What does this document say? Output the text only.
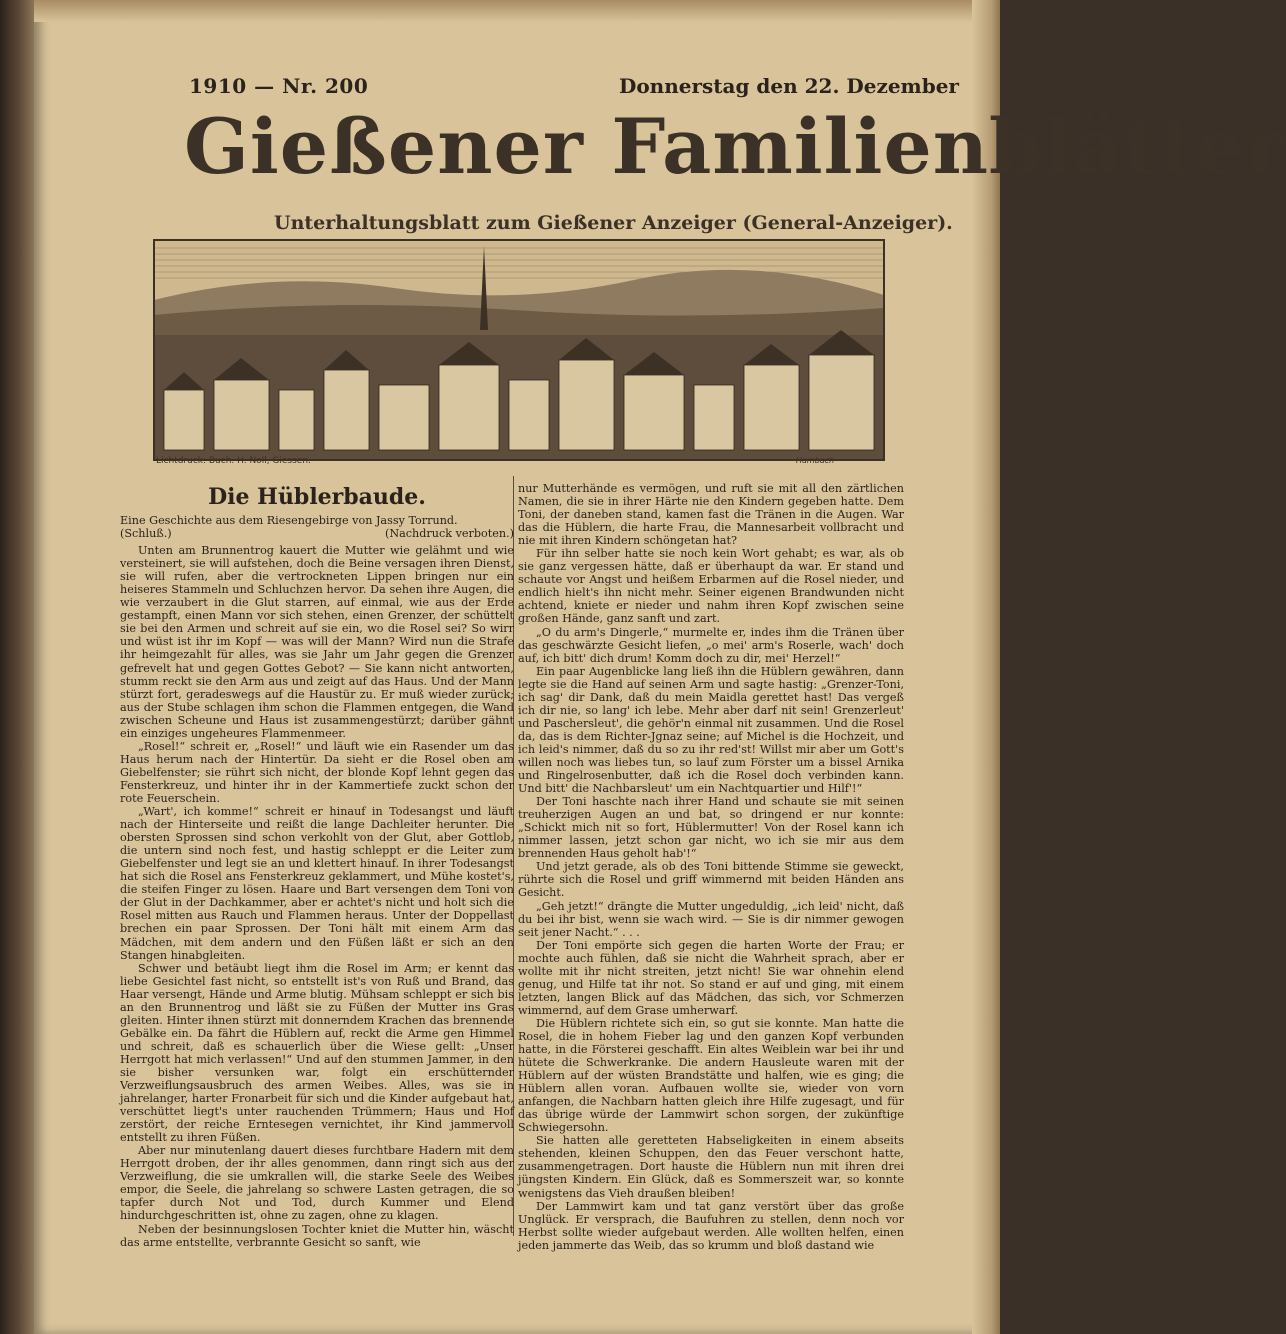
1910 — Nr. 200	Donnerstag den 22. Dezember
Gießener Familienblätter
Unterhaltungsblatt zum Gießener Anzeiger (General-Anzeiger).
Lichtdruck: Buch. H. Noll, Giessen.	Hambach
Die Hüblerbaude.

Eine Geschichte aus dem Riesengebirge von Jassy Torrund.

(Schluß.)	(Nachdruck verboten.)

Unten am Brunnentrog kauert die Mutter wie gelähmt und wie versteinert, sie will aufstehen, doch die Beine versagen ihren Dienst, sie will rufen, aber die vertrockneten Lippen bringen nur ein heiseres Stammeln und Schluchzen hervor. Da sehen ihre Augen, die wie verzaubert in die Glut starren, auf einmal, wie aus der Erde gestampft, einen Mann vor sich stehen, einen Grenzer, der schüttelt sie bei den Armen und schreit auf sie ein, wo die Rosel sei? So wirr und wüst ist ihr im Kopf — was will der Mann? Wird nun die Strafe ihr heimgezahlt für alles, was sie Jahr um Jahr gegen die Grenzer gefrevelt hat und gegen Gottes Gebot? — Sie kann nicht antworten, stumm reckt sie den Arm aus und zeigt auf das Haus. Und der Mann stürzt fort, geradeswegs auf die Haustür zu. Er muß wieder zurück; aus der Stube schlagen ihm schon die Flammen entgegen, die Wand zwischen Scheune und Haus ist zusammengestürzt; darüber gähnt ein einziges ungeheures Flammenmeer.

„Rosel!“ schreit er, „Rosel!“ und läuft wie ein Rasender um das Haus herum nach der Hintertür. Da sieht er die Rosel oben am Giebelfenster; sie rührt sich nicht, der blonde Kopf lehnt gegen das Fensterkreuz, und hinter ihr in der Kammertiefe zuckt schon der rote Feuerschein.

„Wart', ich komme!“ schreit er hinauf in Todesangst und läuft nach der Hinterseite und reißt die lange Dachleiter herunter. Die obersten Sprossen sind schon verkohlt von der Glut, aber Gottlob, die untern sind noch fest, und hastig schleppt er die Leiter zum Giebelfenster und legt sie an und klettert hinauf. In ihrer Todesangst hat sich die Rosel ans Fensterkreuz geklammert, und Mühe kostet's, die steifen Finger zu lösen. Haare und Bart versengen dem Toni von der Glut in der Dachkammer, aber er achtet's nicht und holt sich die Rosel mitten aus Rauch und Flammen heraus. Unter der Doppellast brechen ein paar Sprossen. Der Toni hält mit einem Arm das Mädchen, mit dem andern und den Füßen läßt er sich an den Stangen hinabgleiten.

Schwer und betäubt liegt ihm die Rosel im Arm; er kennt das liebe Gesichtel fast nicht, so entstellt ist's von Ruß und Brand, das Haar versengt, Hände und Arme blutig. Mühsam schleppt er sich bis an den Brunnentrog und läßt sie zu Füßen der Mutter ins Gras gleiten. Hinter ihnen stürzt mit donnerndem Krachen das brennende Gebälke ein. Da fährt die Hüblern auf, reckt die Arme gen Himmel und schreit, daß es schauerlich über die Wiese gellt: „Unser Herrgott hat mich verlassen!“ Und auf den stummen Jammer, in den sie bisher versunken war, folgt ein erschütternder Verzweiflungsausbruch des armen Weibes. Alles, was sie in jahrelanger, harter Fronarbeit für sich und die Kinder aufgebaut hat, verschüttet liegt's unter rauchenden Trümmern; Haus und Hof zerstört, der reiche Erntesegen vernichtet, ihr Kind jammervoll entstellt zu ihren Füßen.

Aber nur minutenlang dauert dieses furchtbare Hadern mit dem Herrgott droben, der ihr alles genommen, dann ringt sich aus der Verzweiflung, die sie umkrallen will, die starke Seele des Weibes empor, die Seele, die jahrelang so schwere Lasten getragen, die so tapfer durch Not und Tod, durch Kummer und Elend hindurchgeschritten ist, ohne zu zagen, ohne zu klagen.

Neben der besinnungslosen Tochter kniet die Mutter hin, wäscht das arme entstellte, verbrannte Gesicht so sanft, wie

nur Mutterhände es vermögen, und ruft sie mit all den zärtlichen Namen, die sie in ihrer Härte nie den Kindern gegeben hatte. Dem Toni, der daneben stand, kamen fast die Tränen in die Augen. War das die Hüblern, die harte Frau, die Mannesarbeit vollbracht und nie mit ihren Kindern schöngetan hat?

Für ihn selber hatte sie noch kein Wort gehabt; es war, als ob sie ganz vergessen hätte, daß er überhaupt da war. Er stand und schaute vor Angst und heißem Erbarmen auf die Rosel nieder, und endlich hielt's ihn nicht mehr. Seiner eigenen Brandwunden nicht achtend, kniete er nieder und nahm ihren Kopf zwischen seine großen Hände, ganz sanft und zart.

„O du arm's Dingerle,“ murmelte er, indes ihm die Tränen über das geschwärzte Gesicht liefen, „o mei' arm's Roserle, wach' doch auf, ich bitt' dich drum! Komm doch zu dir, mei' Herzel!“

Ein paar Augenblicke lang ließ ihn die Hüblern gewähren, dann legte sie die Hand auf seinen Arm und sagte hastig: „Grenzer-Toni, ich sag' dir Dank, daß du mein Maidla gerettet hast! Das vergeß ich dir nie, so lang' ich lebe. Mehr aber darf nit sein! Grenzerleut' und Paschersleut', die gehör'n einmal nit zusammen. Und die Rosel da, das is dem Richter-Jgnaz seine; auf Michel is die Hochzeit, und ich leid's nimmer, daß du so zu ihr red'st! Willst mir aber um Gott's willen noch was liebes tun, so lauf zum Förster um a bissel Arnika und Ringelrosenbutter, daß ich die Rosel doch verbinden kann. Und bitt' die Nachbarsleut' um ein Nachtquartier und Hilf'!“

Der Toni haschte nach ihrer Hand und schaute sie mit seinen treuherzigen Augen an und bat, so dringend er nur konnte: „Schickt mich nit so fort, Hüblermutter! Von der Rosel kann ich nimmer lassen, jetzt schon gar nicht, wo ich sie mir aus dem brennenden Haus geholt hab'!“

Und jetzt gerade, als ob des Toni bittende Stimme sie geweckt, rührte sich die Rosel und griff wimmernd mit beiden Händen ans Gesicht.

„Geh jetzt!“ drängte die Mutter ungeduldig, „ich leid' nicht, daß du bei ihr bist, wenn sie wach wird. — Sie is dir nimmer gewogen seit jener Nacht.“ . . .

Der Toni empörte sich gegen die harten Worte der Frau; er mochte auch fühlen, daß sie nicht die Wahrheit sprach, aber er wollte mit ihr nicht streiten, jetzt nicht! Sie war ohnehin elend genug, und Hilfe tat ihr not. So stand er auf und ging, mit einem letzten, langen Blick auf das Mädchen, das sich, vor Schmerzen wimmernd, auf dem Grase umherwarf.

Die Hüblern richtete sich ein, so gut sie konnte. Man hatte die Rosel, die in hohem Fieber lag und den ganzen Kopf verbunden hatte, in die Försterei geschafft. Ein altes Weiblein war bei ihr und hütete die Schwerkranke. Die andern Hausleute waren mit der Hüblern auf der wüsten Brandstätte und halfen, wie es ging; die Hüblern allen voran. Aufbauen wollte sie, wieder von vorn anfangen, die Nachbarn hatten gleich ihre Hilfe zugesagt, und für das übrige würde der Lammwirt schon sorgen, der zukünftige Schwiegersohn.

Sie hatten alle geretteten Habseligkeiten in einem abseits stehenden, kleinen Schuppen, den das Feuer verschont hatte, zusammengetragen. Dort hauste die Hüblern nun mit ihren drei jüngsten Kindern. Ein Glück, daß es Sommerszeit war, so konnte wenigstens das Vieh draußen bleiben!

Der Lammwirt kam und tat ganz verstört über das große Unglück. Er versprach, die Baufuhren zu stellen, denn noch vor Herbst sollte wieder aufgebaut werden. Alle wollten helfen, einen jeden jammerte das Weib, das so krumm und bloß dastand wie
